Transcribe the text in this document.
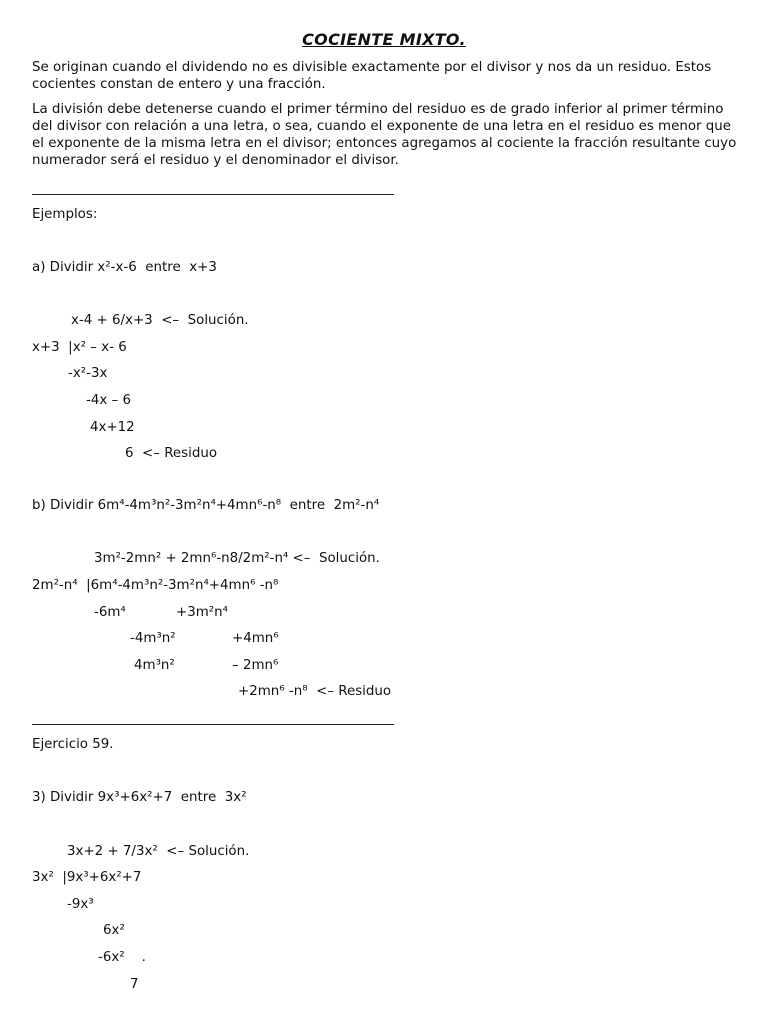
COCIENTE MIXTO.

Se originan cuando el dividendo no es divisible exactamente por el divisor y nos da un residuo. Estos cocientes constan de entero y una fracción.

La división debe detenerse cuando el primer término del residuo es de grado inferior al primer término del divisor con relación a una letra, o sea, cuando el exponente de una letra en el residuo es menor que el exponente de la misma letra en el divisor; entonces agregamos al cociente la fracción resultante cuyo numerador será el residuo y el denominador el divisor.

Ejemplos:
a) Dividir x²-x-6  entre  x+3
x-4 + 6/x+3  <–  Solución.
x+3  |x² – x- 6
-x²-3x
-4x – 6
4x+12
6  <– Residuo
b) Dividir 6m⁴-4m³n²-3m²n⁴+4mn⁶-n⁸  entre  2m²-n⁴
3m²-2mn² + 2mn⁶-n8/2m²-n⁴ <–  Solución.
2m²-n⁴  |6m⁴-4m³n²-3m²n⁴+4mn⁶ -n⁸
-6m⁴	+3m²n⁴
-4m³n²	+4mn⁶
4m³n²	– 2mn⁶
+2mn⁶ -n⁸  <– Residuo
Ejercicio 59.
3) Dividir 9x³+6x²+7  entre  3x²
3x+2 + 7/3x²  <– Solución.
3x²  |9x³+6x²+7
-9x³
6x²
-6x²    .
7
